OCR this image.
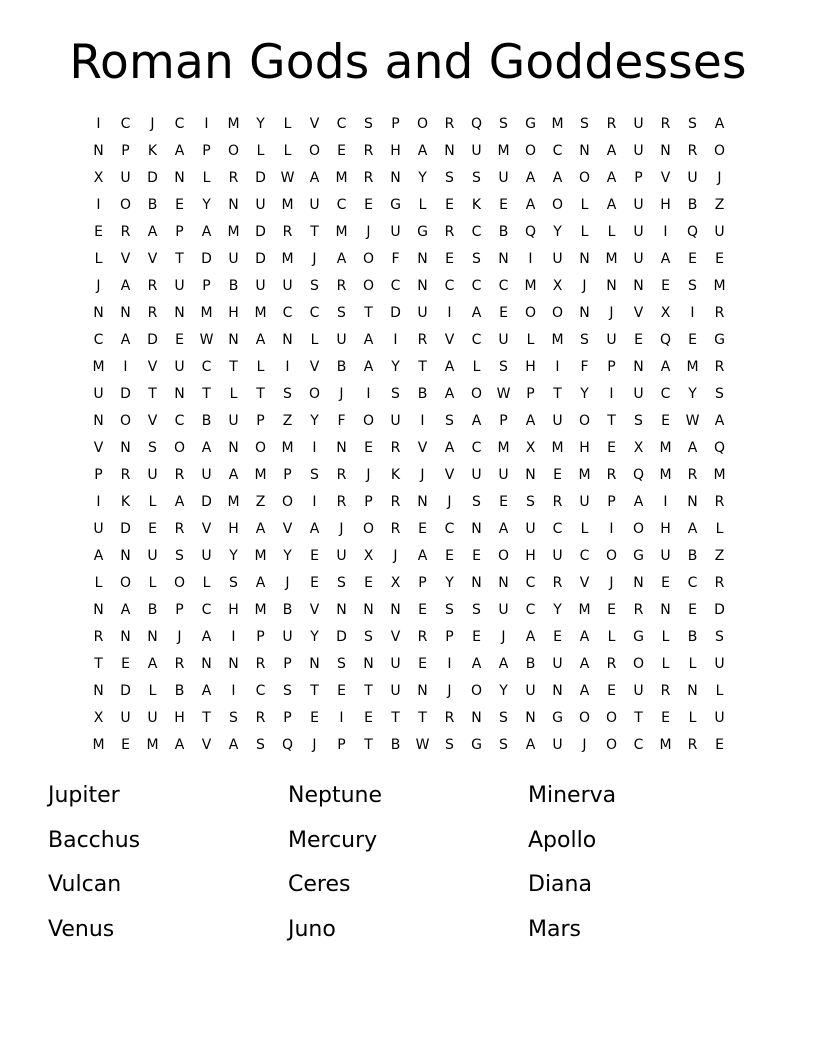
Roman Gods and Goddesses
I	C	J	C	I	M	Y	L	V	C	S	P	O	R	Q	S	G	M	S	R	U	R	S	A
N	P	K	A	P	O	L	L	O	E	R	H	A	N	U	M	O	C	N	A	U	N	R	O
X	U	D	N	L	R	D	W	A	M	R	N	Y	S	S	U	A	A	O	A	P	V	U	J
I	O	B	E	Y	N	U	M	U	C	E	G	L	E	K	E	A	O	L	A	U	H	B	Z
E	R	A	P	A	M	D	R	T	M	J	U	G	R	C	B	Q	Y	L	L	U	I	Q	U
L	V	V	T	D	U	D	M	J	A	O	F	N	E	S	N	I	U	N	M	U	A	E	E
J	A	R	U	P	B	U	U	S	R	O	C	N	C	C	C	M	X	J	N	N	E	S	M
N	N	R	N	M	H	M	C	C	S	T	D	U	I	A	E	O	O	N	J	V	X	I	R
C	A	D	E	W	N	A	N	L	U	A	I	R	V	C	U	L	M	S	U	E	Q	E	G
M	I	V	U	C	T	L	I	V	B	A	Y	T	A	L	S	H	I	F	P	N	A	M	R
U	D	T	N	T	L	T	S	O	J	I	S	B	A	O	W	P	T	Y	I	U	C	Y	S
N	O	V	C	B	U	P	Z	Y	F	O	U	I	S	A	P	A	U	O	T	S	E	W	A
V	N	S	O	A	N	O	M	I	N	E	R	V	A	C	M	X	M	H	E	X	M	A	Q
P	R	U	R	U	A	M	P	S	R	J	K	J	V	U	U	N	E	M	R	Q	M	R	M
I	K	L	A	D	M	Z	O	I	R	P	R	N	J	S	E	S	R	U	P	A	I	N	R
U	D	E	R	V	H	A	V	A	J	O	R	E	C	N	A	U	C	L	I	O	H	A	L
A	N	U	S	U	Y	M	Y	E	U	X	J	A	E	E	O	H	U	C	O	G	U	B	Z
L	O	L	O	L	S	A	J	E	S	E	X	P	Y	N	N	C	R	V	J	N	E	C	R
N	A	B	P	C	H	M	B	V	N	N	N	E	S	S	U	C	Y	M	E	R	N	E	D
R	N	N	J	A	I	P	U	Y	D	S	V	R	P	E	J	A	E	A	L	G	L	B	S
T	E	A	R	N	N	R	P	N	S	N	U	E	I	A	A	B	U	A	R	O	L	L	U
N	D	L	B	A	I	C	S	T	E	T	U	N	J	O	Y	U	N	A	E	U	R	N	L
X	U	U	H	T	S	R	P	E	I	E	T	T	R	N	S	N	G	O	O	T	E	L	U
M	E	M	A	V	A	S	Q	J	P	T	B	W	S	G	S	A	U	J	O	C	M	R	E
Jupiter	Neptune	Minerva
Bacchus	Mercury	Apollo
Vulcan	Ceres	Diana
Venus	Juno	Mars
